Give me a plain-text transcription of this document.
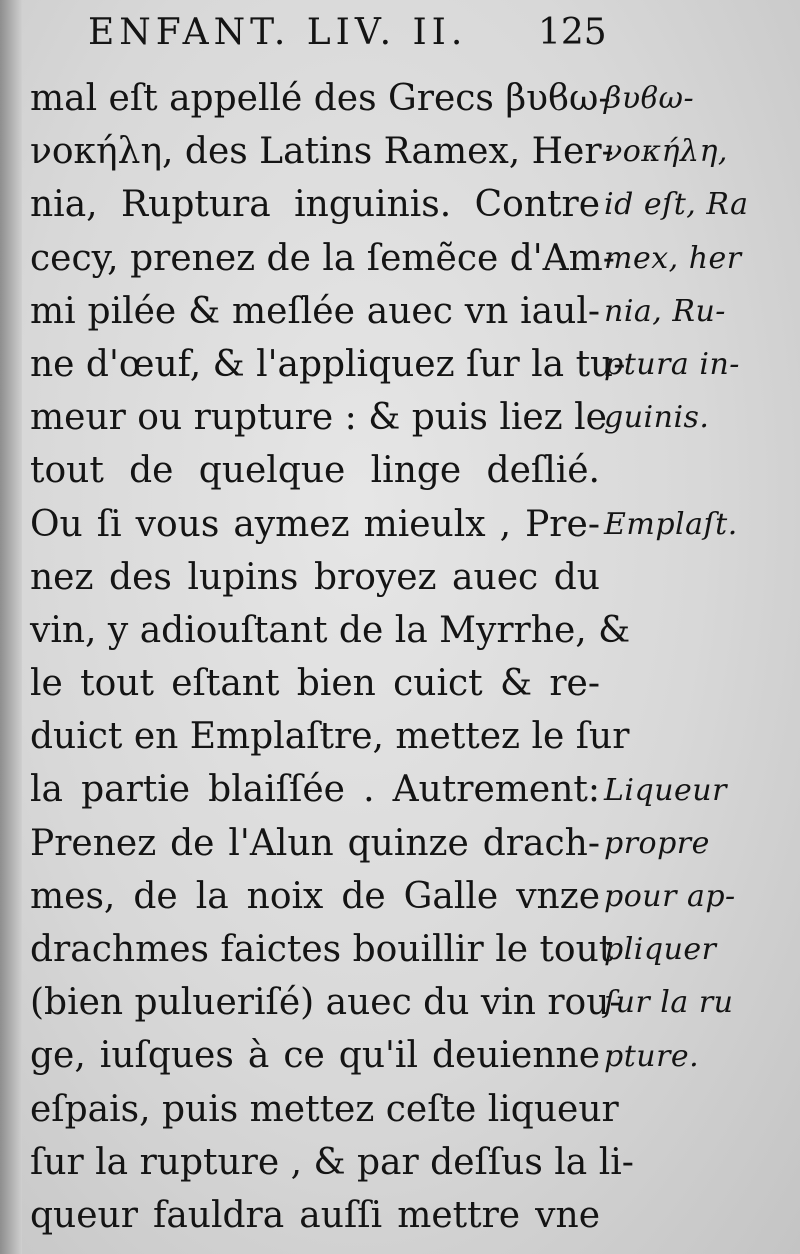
ENFANT. LIV. II. 125
mal eſt appellé des Grecs βυϐω-
νοκήλη, des Latins Ramex, Her-
nia, Ruptura inguinis. Contre
cecy, prenez de la ſemẽce d'Am-
mi pilée & meſlée auec vn iaul-
ne d'œuf, & l'appliquez ſur la tu-
meur ou rupture : & puis liez le
tout de quelque linge deſlié.
Ou ſi vous aymez mieulx , Pre-
nez des lupins broyez auec du
vin, y adiouſtant de la Myrrhe, &
le tout eſtant bien cuict & re-
duict en Emplaſtre, mettez le ſur
la partie blaiſſée . Autrement:
Prenez de l'Alun quinze drach-
mes, de la noix de Galle vnze
drachmes faictes bouillir le tout
(bien pulueriſé) auec du vin rou-
ge, iuſques à ce qu'il deuienne
eſpais, puis mettez ceſte liqueur
ſur la rupture , & par deſſus la li-
queur fauldra auſſi mettre vne
βυϐω-
νοκήλη,
id eſt, Ra
mex, her
nia, Ru-
ptura in-
guinis.
Emplaſt.
Liqueur
propre
pour ap-
pliquer
ſur la ru
pture.
